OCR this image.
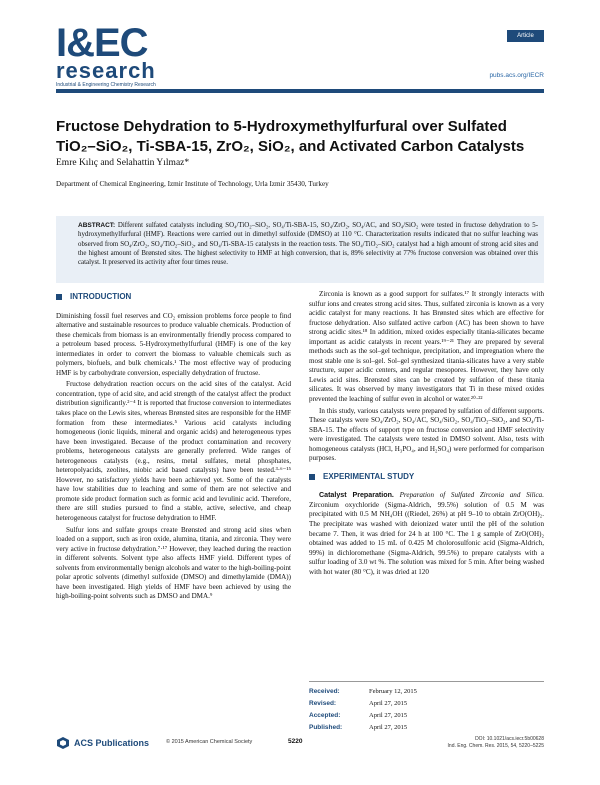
I&EC
research
Industrial & Engineering Chemistry Research
Article
pubs.acs.org/IECR
Fructose Dehydration to 5-Hydroxymethylfurfural over Sulfated TiO₂–SiO₂, Ti-SBA-15, ZrO₂, SiO₂, and Activated Carbon Catalysts
Emre Kılıç and Selahattin Yılmaz*
Department of Chemical Engineering, Izmir Institute of Technology, Urla Izmir 35430, Turkey
ABSTRACT: Different sulfated catalysts including SO₄/TiO₂–SiO₂, SO₄/Ti-SBA-15, SO₄/ZrO₂, SO₄/AC, and SO₄/SiO₂ were tested in fructose dehydration to 5-hydroxymethylfurfural (HMF). Reactions were carried out in dimethyl sulfoxide (DMSO) at 110 °C. Characterization results indicated that no sulfur leaching was observed from SO₄/ZrO₂, SO₄/TiO₂–SiO₂, and SO₄/Ti-SBA-15 catalysts in the reaction tests. The SO₄/TiO₂–SiO₂ catalyst had a high amount of strong acid sites and the highest amount of Brønsted sites. The highest selectivity to HMF at high conversion, that is, 89% selectivity at 77% fructose conversion was obtained over this catalyst. It preserved its activity after four times reuse.
INTRODUCTION

Diminishing fossil fuel reserves and CO₂ emission problems force people to find alternative and sustainable resources to produce valuable chemicals. Production of these chemicals from biomass is an environmentally friendly process compared to a petroleum based process. 5-Hydroxymethylfurfural (HMF) is one of the key intermediates in order to convert the biomass to valuable chemicals such as polymers, biofuels, and bulk chemicals.¹ The most effective way of producing HMF is by carbohydrate conversion, especially dehydration of fructose.

Fructose dehydration reaction occurs on the acid sites of the catalyst. Acid concentration, type of acid site, and acid strength of the catalyst affect the product distribution significantly.²⁻⁴ It is reported that fructose conversion to intermediates takes place on the Lewis sites, whereas Brønsted sites are responsible for the HMF formation from these intermediates.⁵ Various acid catalysts including homogeneous (ionic liquids, mineral and organic acids) and heterogeneous types have been investigated. Because of the product contamination and recovery problems, heterogeneous catalysts are generally preferred. Wide ranges of heterogeneous catalysts (e.g., resins, metal sulfates, metal phosphates, heteropolyacids, zeolites, niobic acid based catalysts) have been tested.³·⁶⁻¹⁵ However, no satisfactory yields have been achieved yet. Some of the catalysts have low stabilities due to leaching and some of them are not selective and promote side product formation such as formic acid and levulinic acid. Therefore, there are still studies pursued to find a stable, active, selective, and cheap heterogeneous catalyst for fructose dehydration to HMF.

Sulfur ions and sulfate groups create Brønsted and strong acid sites when loaded on a support, such as iron oxide, alumina, titania, and zirconia. They were very active in fructose dehydration.⁷·¹⁷ However, they leached during the reaction in different solvents. Solvent type also affects HMF yield. Different types of solvents from environmentally benign alcohols and water to the high-boiling-point polar aprotic solvents (dimethyl sulfoxide (DMSO) and dimethylamide (DMA)) have been investigated. High yields of HMF have been achieved by using the high-boiling-point solvents such as DMSO and DMA.⁹

Zirconia is known as a good support for sulfates.¹⁷ It strongly interacts with sulfur ions and creates strong acid sites. Thus, sulfated zirconia is known as a very acidic catalyst for many reactions. It has Brønsted sites which are effective for fructose dehydration. Also sulfated active carbon (AC) has been shown to have strong acidic sites.¹⁸ In addition, mixed oxides especially titania-silicates became important as acidic catalysts in recent years.¹⁹⁻²¹ They are prepared by several methods such as the sol–gel technique, precipitation, and impregnation where the most stable one is sol–gel. Sol–gel synthesized titania-silicates have a very stable structure, super acidic centers, and regular mesopores. However, they have only Lewis acid sites. Brønsted sites can be created by sulfation of these titania silicates. It was observed by many investigators that Ti in these mixed oxides prevented the leaching of sulfur even in alcohol or water.²⁰·²²

In this study, various catalysts were prepared by sulfation of different supports. These catalysts were SO₄/ZrO₂, SO₄/AC, SO₄/SiO₂, SO₄/TiO₂–SiO₂, and SO₄/Ti-SBA-15. The effects of support type on fructose conversion and HMF selectivity were investigated. The catalysts were tested in DMSO solvent. Also, tests with homogeneous catalysts (HCl, H₃PO₄, and H₂SO₄) were performed for comparison purposes.

EXPERIMENTAL STUDY

Catalyst Preparation. Preparation of Sulfated Zirconia and Silica. Zirconium oxychloride (Sigma-Aldrich, 99.5%) solution of 0.5 M was precipitated with 0.5 M NH₄OH ((Riedel, 26%) at pH 9–10 to obtain ZrO(OH)₂. The precipitate was washed with deionized water until the pH of the solution became 7. Then, it was dried for 24 h at 100 °C. The 1 g sample of ZrO(OH)₂ obtained was added to 15 mL of 0.425 M cholorosulfonic acid (Sigma-Aldrich, 99%) in dichloromethane (Sigma-Aldrich, 99.5%) to prepare catalysts with a sulfur loading of 3.0 wt %. The solution was mixed for 5 min. After being washed with hot water (80 °C), it was dried at 120

Received:	February 12, 2015
Revised:	April 27, 2015
Accepted:	April 27, 2015
Published:	April 27, 2015
ACS Publications	© 2015 American Chemical Society	5220	DOI: 10.1021/acs.iecr.5b00628
Ind. Eng. Chem. Res. 2015, 54, 5220–5225
